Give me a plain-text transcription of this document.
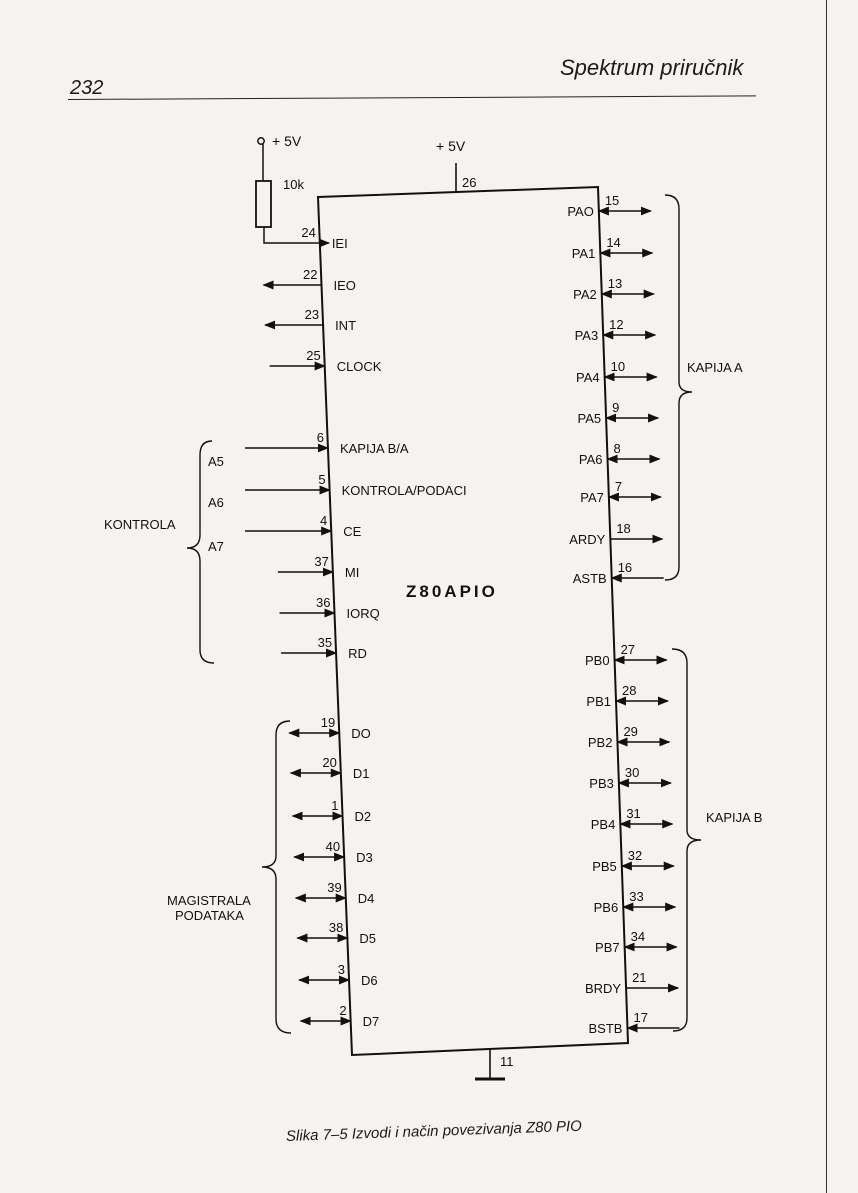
232
Spektrum priručnik
Z80APIO
+ 5V
26
+ 5V
10k
11
24
IEI
22
IEO
23
INT
25
CLOCK
6
KAPIJA B/A
A5
5
KONTROLA/PODACI
A6
4
CE
A7
37
MI
36
IORQ
35
RD
19
DO
20
D1
1
D2
40
D3
39
D4
38
D5
3
D6
2
D7
15
PAO
14
PA1
13
PA2
12
PA3
10
PA4
9
PA5
8
PA6
7
PA7
18
ARDY
16
ASTB
27
PB0
28
PB1
29
PB2
30
PB3
31
PB4
32
PB5
33
PB6
34
PB7
21
BRDY
17
BSTB
KONTROLA
KAPIJA A
KAPIJA B
MAGISTRALA
PODATAKA
Slika 7–5 Izvodi i način povezivanja Z80 PIO
